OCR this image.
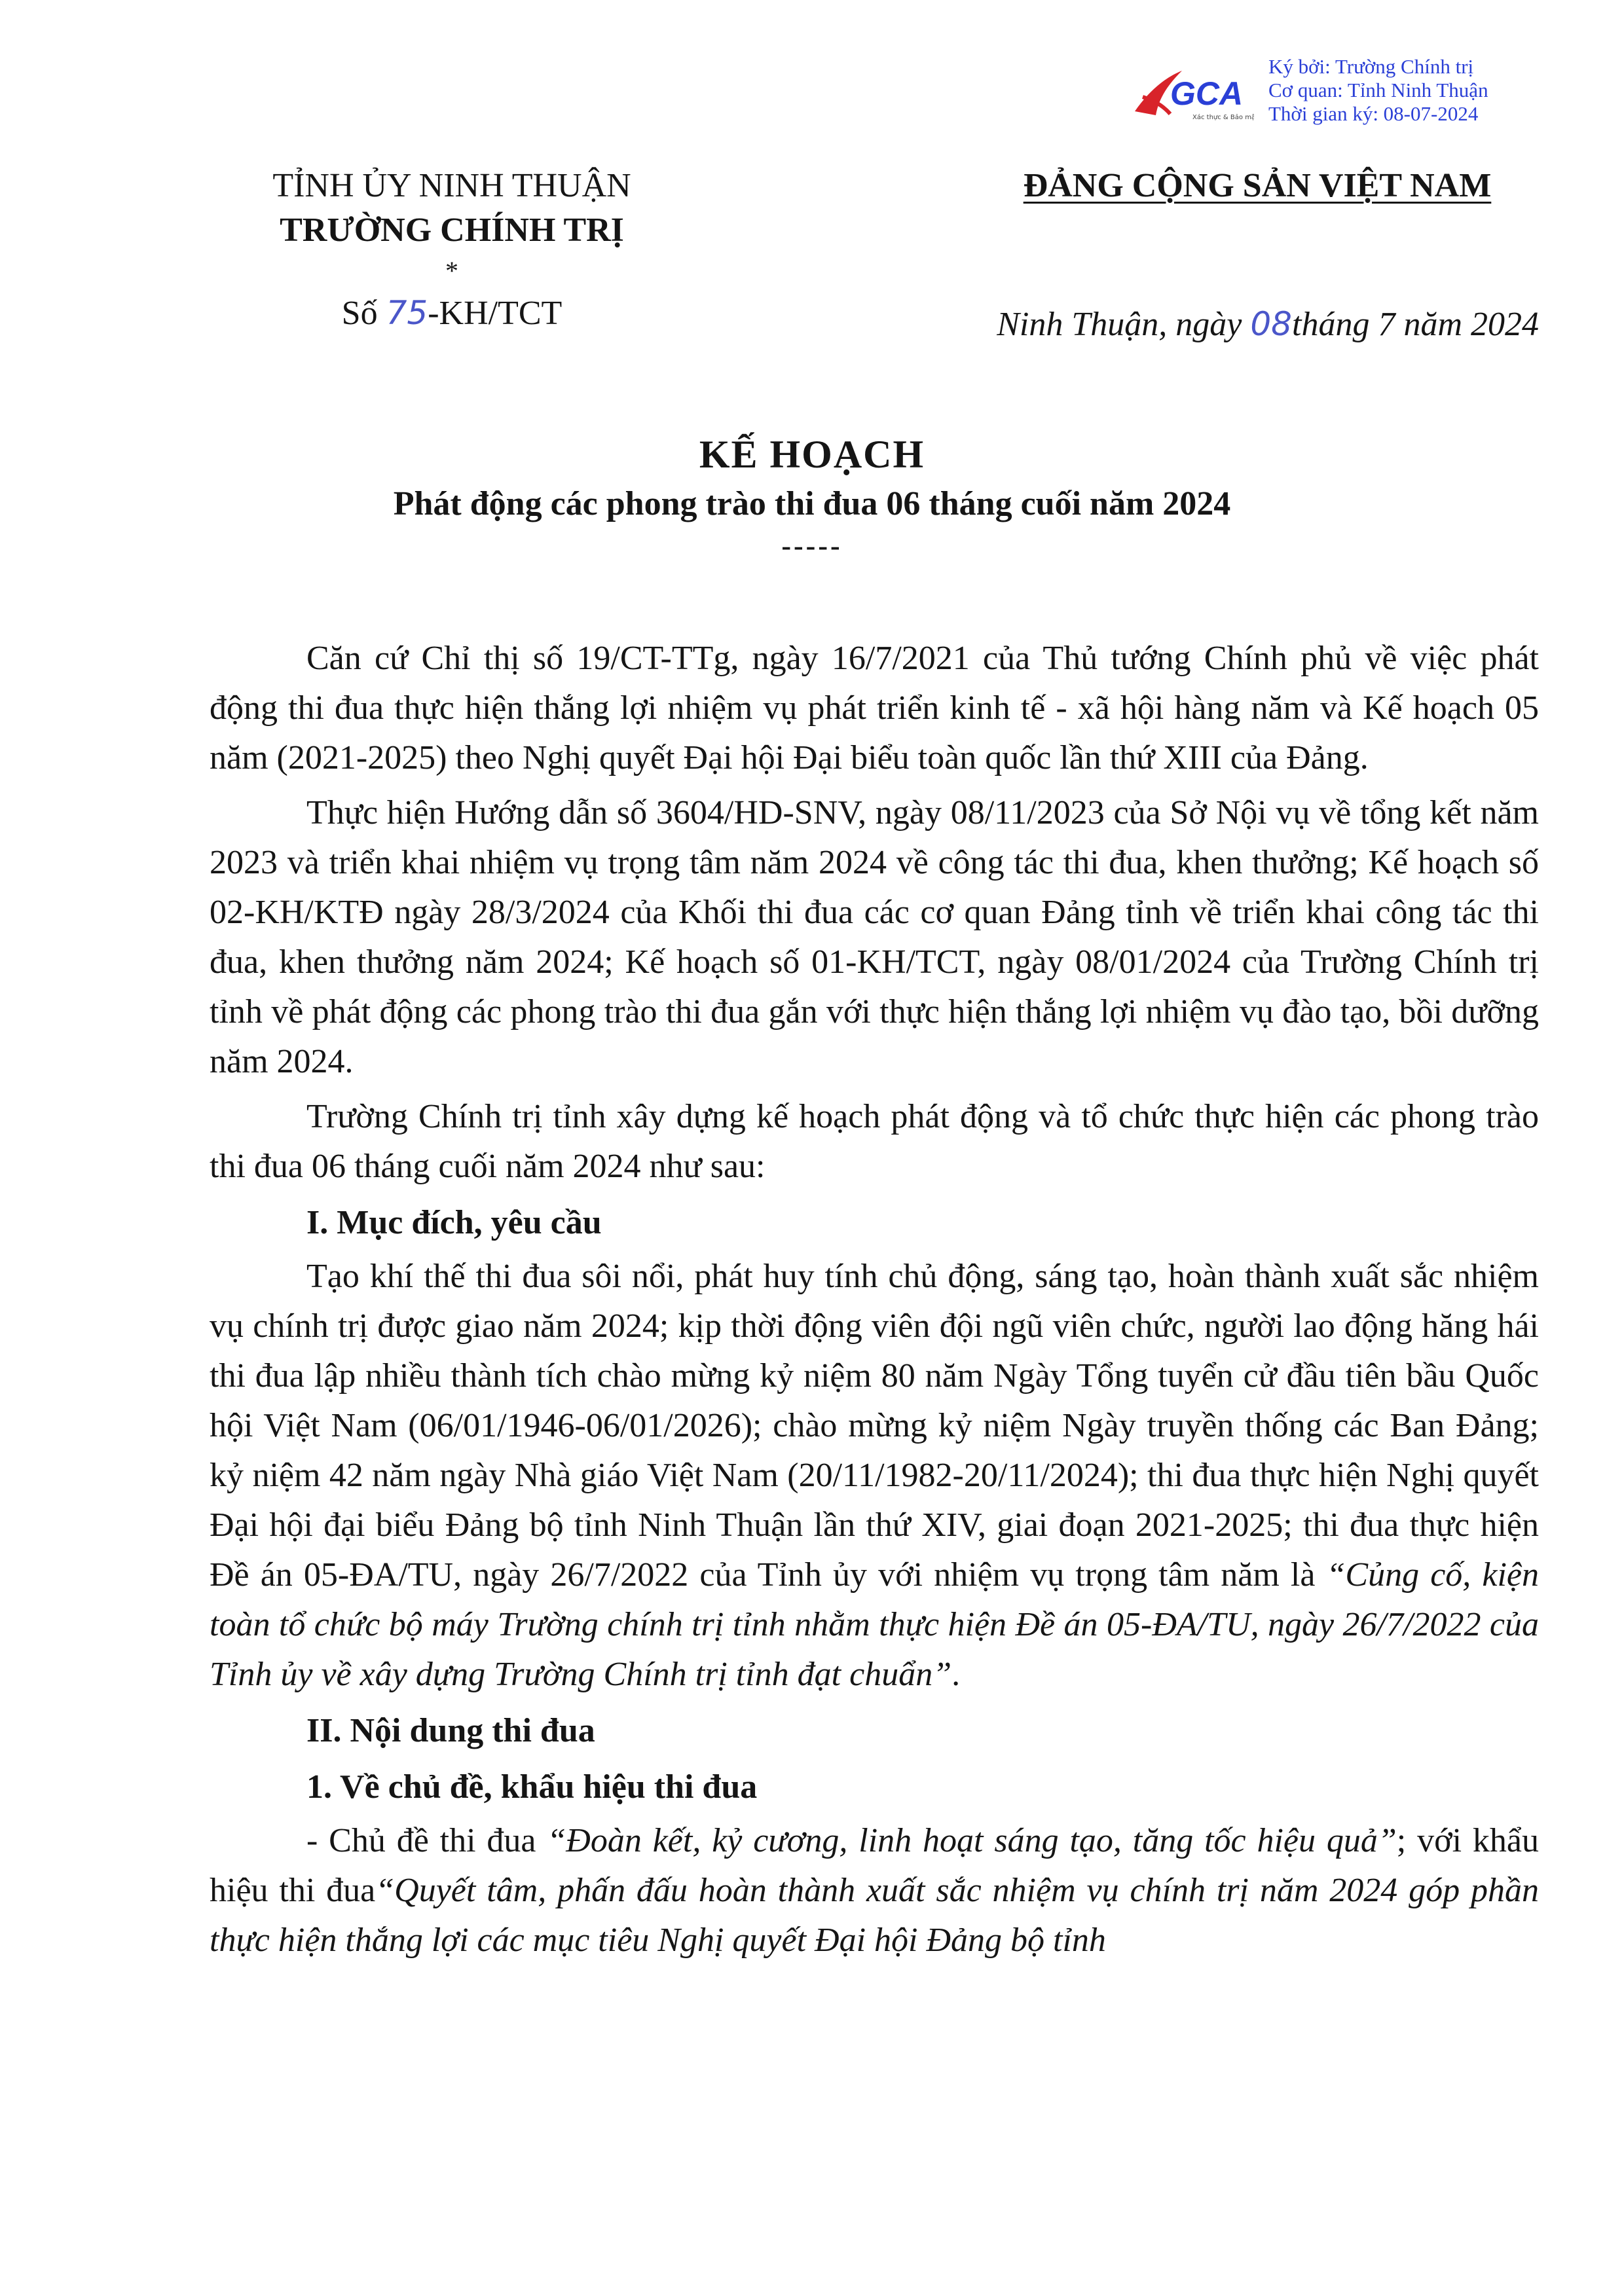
GCA
Xác thực & Bảo mật
Ký bởi: Trường Chính trị
Cơ quan: Tỉnh Ninh Thuận
Thời gian ký: 08-07-2024
TỈNH ỦY NINH THUẬN
TRƯỜNG CHÍNH TRỊ
*
Số 75-KH/TCT
ĐẢNG CỘNG SẢN VIỆT NAM
Ninh Thuận, ngày 08tháng 7 năm 2024
KẾ HOẠCH
Phát động các phong trào thi đua 06 tháng cuối năm 2024
-----

Căn cứ Chỉ thị số 19/CT-TTg, ngày 16/7/2021 của Thủ tướng Chính phủ về việc phát động thi đua thực hiện thắng lợi nhiệm vụ phát triển kinh tế - xã hội hàng năm và Kế hoạch 05 năm (2021-2025) theo Nghị quyết Đại hội Đại biểu toàn quốc lần thứ XIII của Đảng.

Thực hiện Hướng dẫn số 3604/HD-SNV, ngày 08/11/2023 của Sở Nội vụ về tổng kết năm 2023 và triển khai nhiệm vụ trọng tâm năm 2024 về công tác thi đua, khen thưởng; Kế hoạch số 02-KH/KTĐ ngày 28/3/2024 của Khối thi đua các cơ quan Đảng tỉnh về triển khai công tác thi đua, khen thưởng năm 2024; Kế hoạch số 01-KH/TCT, ngày 08/01/2024 của Trường Chính trị tỉnh về phát động các phong trào thi đua gắn với thực hiện thắng lợi nhiệm vụ đào tạo, bồi dưỡng năm 2024.

Trường Chính trị tỉnh xây dựng kế hoạch phát động và tổ chức thực hiện các phong trào thi đua 06 tháng cuối năm 2024 như sau:

I. Mục đích, yêu cầu

Tạo khí thế thi đua sôi nổi, phát huy tính chủ động, sáng tạo, hoàn thành xuất sắc nhiệm vụ chính trị được giao năm 2024; kịp thời động viên đội ngũ viên chức, người lao động hăng hái thi đua lập nhiều thành tích chào mừng kỷ niệm 80 năm Ngày Tổng tuyển cử đầu tiên bầu Quốc hội Việt Nam (06/01/1946-06/01/2026); chào mừng kỷ niệm Ngày truyền thống các Ban Đảng; kỷ niệm 42 năm ngày Nhà giáo Việt Nam (20/11/1982-20/11/2024); thi đua thực hiện Nghị quyết Đại hội đại biểu Đảng bộ tỉnh Ninh Thuận lần thứ XIV, giai đoạn 2021-2025; thi đua thực hiện Đề án 05-ĐA/TU, ngày 26/7/2022 của Tỉnh ủy với nhiệm vụ trọng tâm năm là “Củng cố, kiện toàn tổ chức bộ máy Trường chính trị tỉnh nhằm thực hiện Đề án 05-ĐA/TU, ngày 26/7/2022 của Tỉnh ủy về xây dựng Trường Chính trị tỉnh đạt chuẩn”.

II. Nội dung thi đua
1. Về chủ đề, khẩu hiệu thi đua

- Chủ đề thi đua “Đoàn kết, kỷ cương, linh hoạt sáng tạo, tăng tốc hiệu quả”; với khẩu hiệu thi đua“Quyết tâm, phấn đấu hoàn thành xuất sắc nhiệm vụ chính trị năm 2024 góp phần thực hiện thắng lợi các mục tiêu Nghị quyết Đại hội Đảng bộ tỉnh
